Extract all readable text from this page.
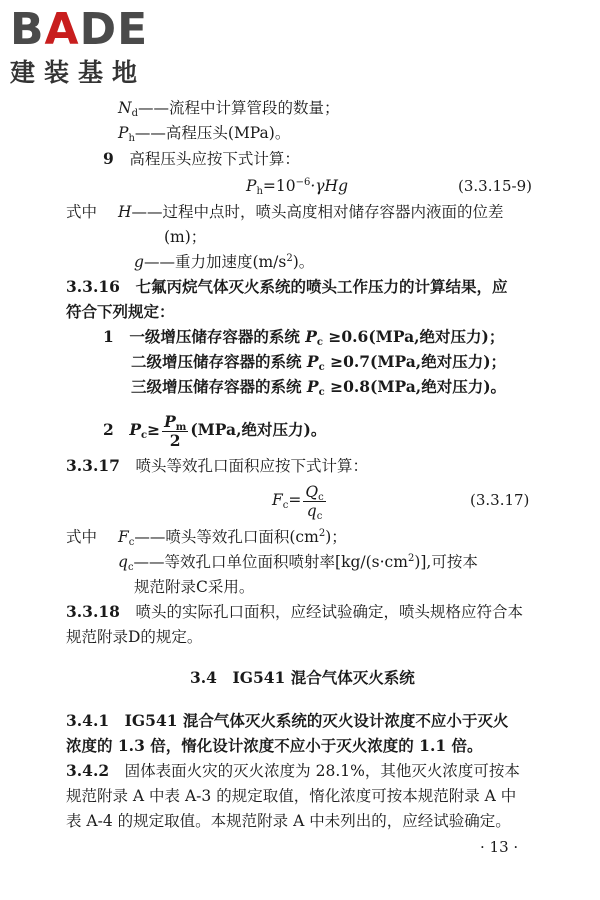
BADE
建装基地
$N_d——$流程中计算管段的数量；
$P_h——$高程压头(MPa)。
9　 高程压头应按下式计算：
$P_h=10^{-6}\cdot\gamma Hg$	(3.3.15-9)
式中 H——过程中点时，喷头高度相对储存容器内液面的位差
(m)；
g——重力加速度$(m/s^2)$。
3.3.16　 七氟丙烷气体灭火系统的喷头工作压力的计算结果，应
符合下列规定：
1　 一级增压储存容器的系统 $P_c \ge 0.6(MPa$,绝对压力)；
二级增压储存容器的系统 $P_c \ge 0.7(MPa$,绝对压力)；
三级增压储存容器的系统 $P_c \ge 0.8(MPa$,绝对压力)。
2　 $P_c\ge \frac{P_m}{2} (MPa$,绝对压力)。
3.3.17　 喷头等效孔口面积应按下式计算：
$F_c= \frac{Q_c}{q_c}$	(3.3.17)
式中 $F_c——$喷头等效孔口面积$(cm^2)$；
$q_c——$等效孔口单位面积喷射率$[kg/(s\cdot cm^2)]$,可按本
规范附录C采用。
3.3.18　 喷头的实际孔口面积，应经试验确定，喷头规格应符合本
规范附录D的规定。
3.4　IG541 混合气体灭火系统
3.4.1　 IG541 混合气体灭火系统的灭火设计浓度不应小于灭火
浓度的 1.3 倍，惰化设计浓度不应小于灭火浓度的 1.1 倍。
3.4.2　 固体表面火灾的灭火浓度为 28.1%，其他灭火浓度可按本
规范附录 A 中表 A-3 的规定取值，惰化浓度可按本规范附录 A 中
表 A-4 的规定取值。本规范附录 A 中未列出的，应经试验确定。
· 13 ·
